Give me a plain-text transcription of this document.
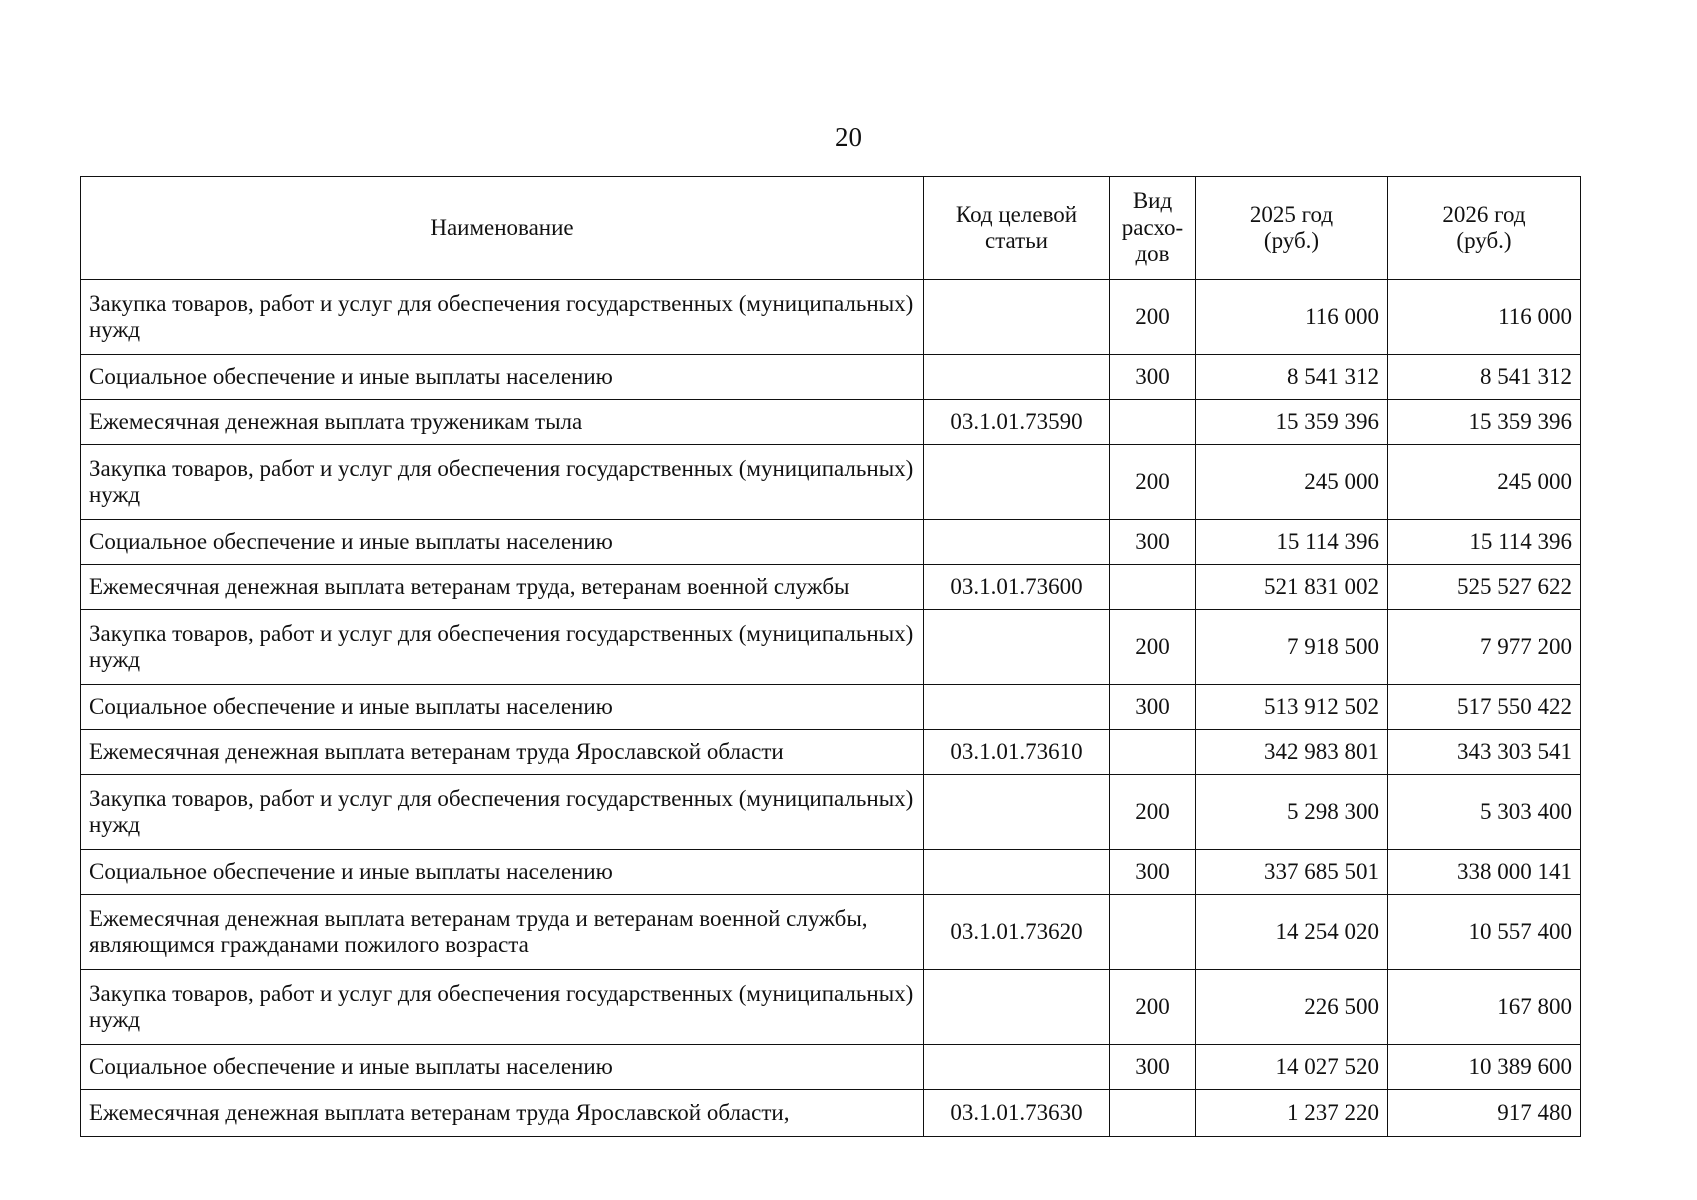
20
Наименование	Код целевой статьи	Вид расхо-дов	2025 год (руб.)	2026 год (руб.)
Закупка товаров, работ и услуг для обеспечения государственных (муниципальных) нужд		200	116 000	116 000
Социальное обеспечение и иные выплаты населению		300	8 541 312	8 541 312
Ежемесячная денежная выплата труженикам тыла	03.1.01.73590		15 359 396	15 359 396
Закупка товаров, работ и услуг для обеспечения государственных (муниципальных) нужд		200	245 000	245 000
Социальное обеспечение и иные выплаты населению		300	15 114 396	15 114 396
Ежемесячная денежная выплата ветеранам труда, ветеранам военной службы	03.1.01.73600		521 831 002	525 527 622
Закупка товаров, работ и услуг для обеспечения государственных (муниципальных) нужд		200	7 918 500	7 977 200
Социальное обеспечение и иные выплаты населению		300	513 912 502	517 550 422
Ежемесячная денежная выплата ветеранам труда Ярославской области	03.1.01.73610		342 983 801	343 303 541
Закупка товаров, работ и услуг для обеспечения государственных (муниципальных) нужд		200	5 298 300	5 303 400
Социальное обеспечение и иные выплаты населению		300	337 685 501	338 000 141
Ежемесячная денежная выплата ветеранам труда и ветеранам военной службы, являющимся гражданами пожилого возраста	03.1.01.73620		14 254 020	10 557 400
Закупка товаров, работ и услуг для обеспечения государственных (муниципальных) нужд		200	226 500	167 800
Социальное обеспечение и иные выплаты населению		300	14 027 520	10 389 600
Ежемесячная денежная выплата ветеранам труда Ярославской области,	03.1.01.73630		1 237 220	917 480
